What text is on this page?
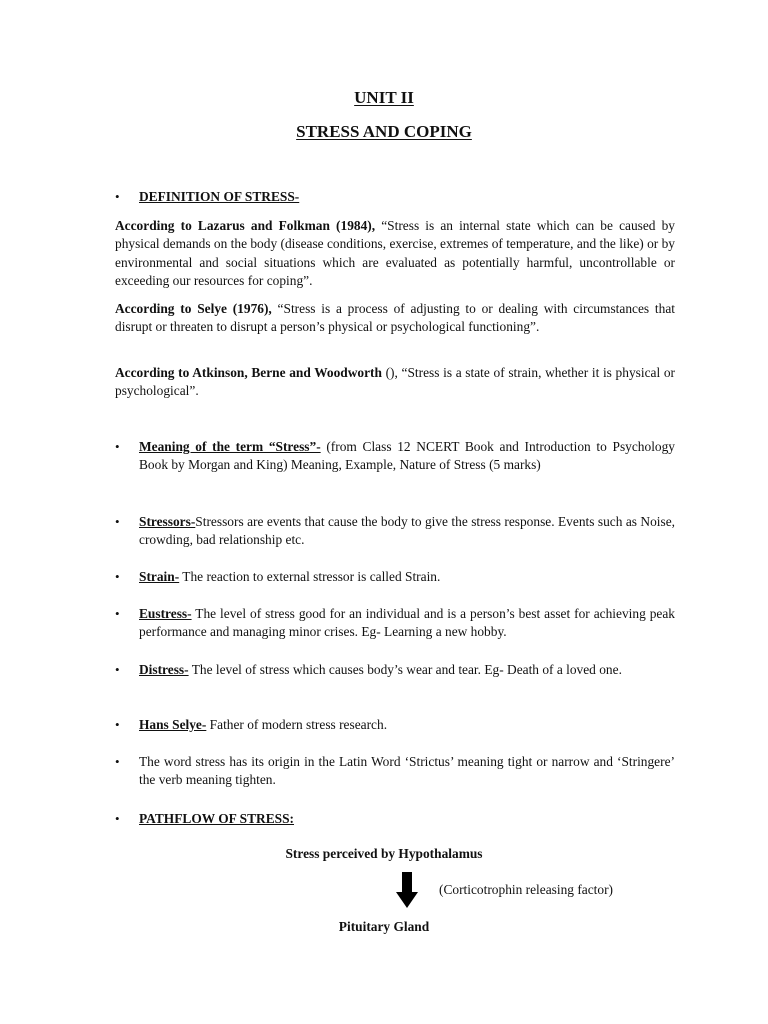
UNIT II
STRESS AND COPING
•	DEFINITION OF STRESS-
According to Lazarus and Folkman (1984), “Stress is an internal state which can be caused by physical demands on the body (disease conditions, exercise, extremes of temperature, and the like) or by environmental and social situations which are evaluated as potentially harmful, uncontrollable or exceeding our resources for coping”.
According to Selye (1976), “Stress is a process of adjusting to or dealing with circumstances that disrupt or threaten to disrupt a person’s physical or psychological functioning”.
According to Atkinson, Berne and Woodworth (), “Stress is a state of strain, whether it is physical or psychological”.
•	Meaning of the term “Stress”- (from Class 12 NCERT Book and Introduction to Psychology Book by Morgan and King) Meaning, Example, Nature of Stress (5 marks)
•	Stressors-Stressors are events that cause the body to give the stress response. Events such as Noise, crowding, bad relationship etc.
•	Strain- The reaction to external stressor is called Strain.
•	Eustress- The level of stress good for an individual and is a person’s best asset for achieving peak performance and managing minor crises. Eg- Learning a new hobby.
•	Distress- The level of stress which causes body’s wear and tear. Eg- Death of a loved one.
•	Hans Selye- Father of modern stress research.
•	The word stress has its origin in the Latin Word ‘Strictus’ meaning tight or narrow and ‘Stringere’ the verb meaning tighten.
•	PATHFLOW OF STRESS:
Stress perceived by Hypothalamus
(Corticotrophin releasing factor)
Pituitary Gland
